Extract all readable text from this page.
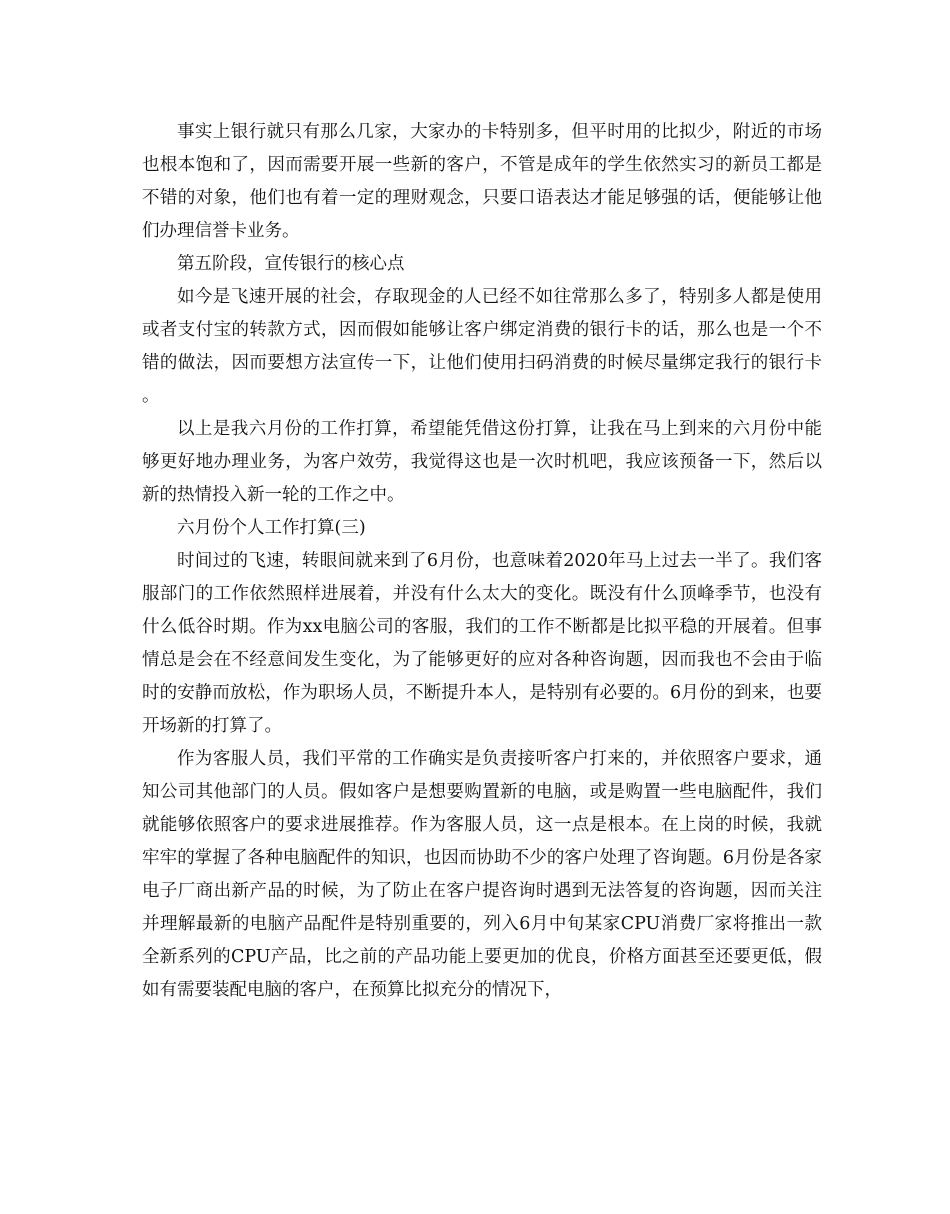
事实上银行就只有那么几家，大家办的卡特别多，但平时用的比拟少，附近的市场也根本饱和了，因而需要开展一些新的客户，不管是成年的学生依然实习的新员工都是不错的对象，他们也有着一定的理财观念，只要口语表达才能足够强的话，便能够让他们办理信誉卡业务。

第五阶段，宣传银行的核心点

如今是飞速开展的社会，存取现金的人已经不如往常那么多了，特别多人都是使用或者支付宝的转款方式，因而假如能够让客户绑定消费的银行卡的话，那么也是一个不错的做法，因而要想方法宣传一下，让他们使用扫码消费的时候尽量绑定我行的银行卡。

以上是我六月份的工作打算，希望能凭借这份打算，让我在马上到来的六月份中能够更好地办理业务，为客户效劳，我觉得这也是一次时机吧，我应该预备一下，然后以新的热情投入新一轮的工作之中。

六月份个人工作打算(三)

时间过的飞速，转眼间就来到了6月份，也意味着2020年马上过去一半了。我们客服部门的工作依然照样进展着，并没有什么太大的变化。既没有什么顶峰季节，也没有什么低谷时期。作为xx电脑公司的客服，我们的工作不断都是比拟平稳的开展着。但事情总是会在不经意间发生变化，为了能够更好的应对各种咨询题，因而我也不会由于临时的安静而放松，作为职场人员，不断提升本人，是特别有必要的。6月份的到来，也要开场新的打算了。

作为客服人员，我们平常的工作确实是负责接听客户打来的，并依照客户要求，通知公司其他部门的人员。假如客户是想要购置新的电脑，或是购置一些电脑配件，我们就能够依照客户的要求进展推荐。作为客服人员，这一点是根本。在上岗的时候，我就牢牢的掌握了各种电脑配件的知识，也因而协助不少的客户处理了咨询题。6月份是各家电子厂商出新产品的时候，为了防止在客户提咨询时遇到无法答复的咨询题，因而关注并理解最新的电脑产品配件是特别重要的，列入6月中旬某家CPU消费厂家将推出一款全新系列的CPU产品，比之前的产品功能上要更加的优良，价格方面甚至还要更低，假如有需要装配电脑的客户，在预算比拟充分的情况下，
